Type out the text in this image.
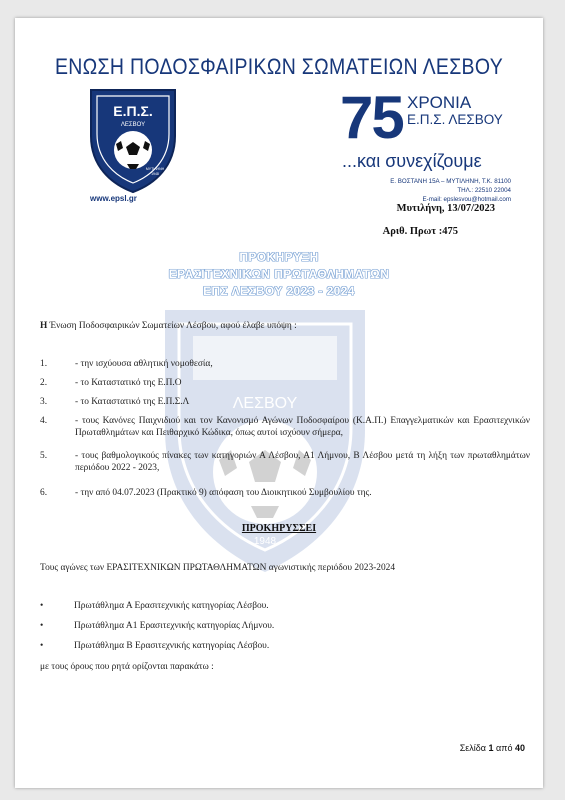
ΕΝΩΣΗ ΠΟΔΟΣΦΑΙΡΙΚΩΝ ΣΩΜΑΤΕΙΩΝ ΛΕΣΒΟΥ
Ε.Π.Σ.
ΛΕΣΒΟΥ
ΜΥΤΙΛΗΝΗ
1948
www.epsl.gr
75 ΧΡΟΝΙΑ
Ε.Π.Σ. ΛΕΣΒΟΥ
...και συνεχίζουμε
Ε. ΒΟΣΤΑΝΗ 15Α – ΜΥΤΙΛΗΝΗ, Τ.Κ. 81100
ΤΗΛ.: 22510 22004
E-mail: epslesvou@hotmail.com
Μυτιλήνη, 13/07/2023
Αριθ. Πρωτ :475
ΛΕΣΒΟΥ
1948
ΠΡΟΚΗΡΥΞΗ
ΕΡΑΣΙΤΕΧΝΙΚΩΝ ΠΡΩΤΑΘΛΗΜΑΤΩΝ
ΕΠΣ ΛΕΣΒΟΥ 2023 - 2024
Η Ένωση Ποδοσφαιρικών Σωματείων Λέσβου, αφού έλαβε υπόψη :
1.	- την ισχύουσα αθλητική νομοθεσία,
2.	- το Καταστατικό της Ε.Π.Ο
3.	- το Καταστατικό της Ε.Π.Σ.Λ
4.	- τους Κανόνες Παιχνιδιού και τον Κανονισμό Αγώνων Ποδοσφαίρου (Κ.Α.Π.) Επαγγελματικών και Ερασιτεχνικών Πρωταθλημάτων και Πειθαρχικό Κώδικα, όπως αυτοί ισχύουν σήμερα,
5.	- τους βαθμολογικούς πίνακες των κατηγοριών Α Λέσβου, Α1 Λήμνου, Β Λέσβου μετά τη λήξη των πρωταθλημάτων περιόδου 2022 - 2023,
6.	- την από 04.07.2023 (Πρακτικό 9) απόφαση του Διοικητικού Συμβουλίου της.
ΠΡΟΚΗΡΥΣΣΕΙ
Τους αγώνες των ΕΡΑΣΙΤΕΧΝΙΚΩΝ ΠΡΩΤΑΘΛΗΜΑΤΩΝ αγωνιστικής περιόδου 2023-2024
•	Πρωτάθλημα Α Ερασιτεχνικής κατηγορίας Λέσβου.
•	Πρωτάθλημα Α1 Ερασιτεχνικής κατηγορίας Λήμνου.
•	Πρωτάθλημα Β Ερασιτεχνικής κατηγορίας Λέσβου.
με τους όρους που ρητά ορίζονται παρακάτω :
Σελίδα 1 από 40
